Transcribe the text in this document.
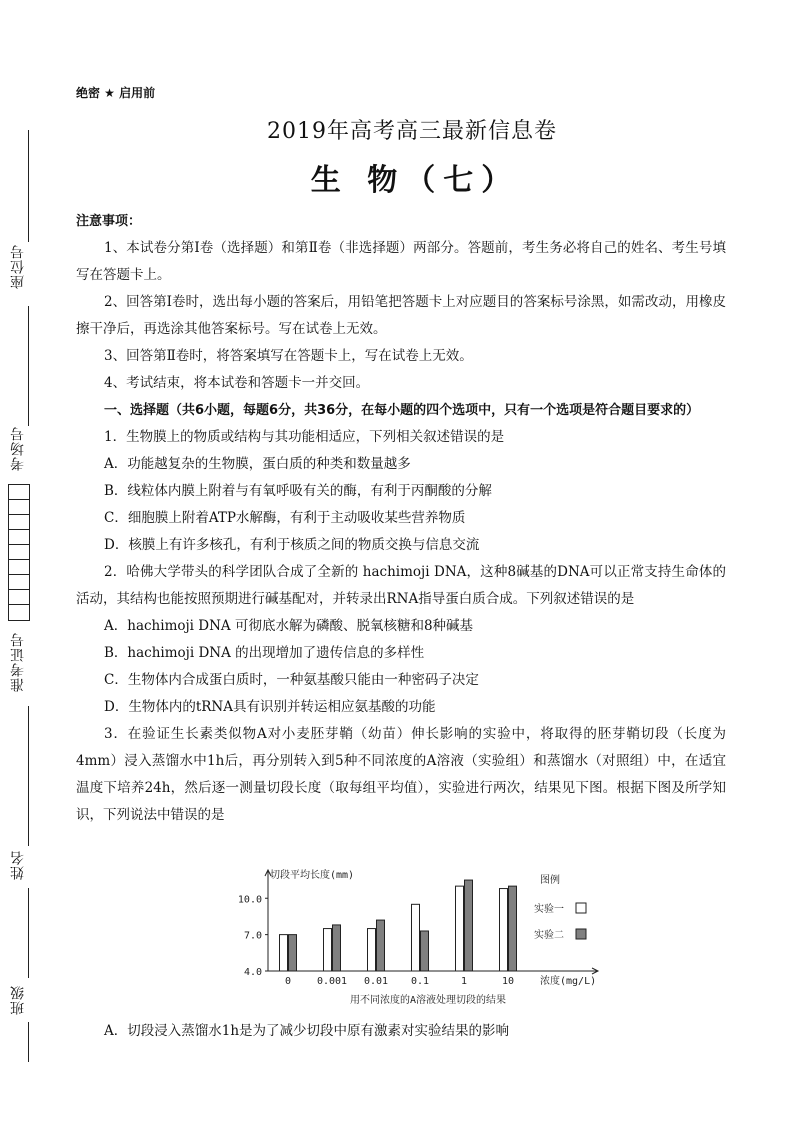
座位号
考场号
准考证号
姓名
班级
绝密 ★ 启用前
2019年高考高三最新信息卷
生 物（七）
注意事项：
1、本试卷分第Ⅰ卷（选择题）和第Ⅱ卷（非选择题）两部分。答题前，考生务必将自己的姓名、考生号填写在答题卡上。
2、回答第Ⅰ卷时，选出每小题的答案后，用铅笔把答题卡上对应题目的答案标号涂黑，如需改动，用橡皮擦干净后，再选涂其他答案标号。写在试卷上无效。
3、回答第Ⅱ卷时，将答案填写在答题卡上，写在试卷上无效。
4、考试结束，将本试卷和答题卡一并交回。
一、选择题（共6小题，每题6分，共36分，在每小题的四个选项中，只有一个选项是符合题目要求的）
1．生物膜上的物质或结构与其功能相适应，下列相关叙述错误的是
A．功能越复杂的生物膜，蛋白质的种类和数量越多
B．线粒体内膜上附着与有氧呼吸有关的酶，有利于丙酮酸的分解
C．细胞膜上附着ATP水解酶，有利于主动吸收某些营养物质
D．核膜上有许多核孔，有利于核质之间的物质交换与信息交流
2．哈佛大学带头的科学团队合成了全新的 hachimoji DNA，这种8碱基的DNA可以正常支持生命体的活动，其结构也能按照预期进行碱基配对，并转录出RNA指导蛋白质合成。下列叙述错误的是
A．hachimoji DNA 可彻底水解为磷酸、脱氧核糖和8种碱基
B．hachimoji DNA 的出现增加了遗传信息的多样性
C．生物体内合成蛋白质时，一种氨基酸只能由一种密码子决定
D．生物体内的tRNA具有识别并转运相应氨基酸的功能
3．在验证生长素类似物A对小麦胚芽鞘（幼苗）伸长影响的实验中，将取得的胚芽鞘切段（长度为4mm）浸入蒸馏水中1h后，再分别转入到5种不同浓度的A溶液（实验组）和蒸馏水（对照组）中，在适宜温度下培养24h，然后逐一测量切段长度（取每组平均值），实验进行两次，结果见下图。根据下图及所学知识，下列说法中错误的是
切段平均长度(mm)
4.0
7.0
10.0
0	0.001 0.01 0.1	1	10	浓度(mg/L)
用不同浓度的A溶液处理切段的结果
图例
实验一
实验二
A．切段浸入蒸馏水1h是为了减少切段中原有激素对实验结果的影响
